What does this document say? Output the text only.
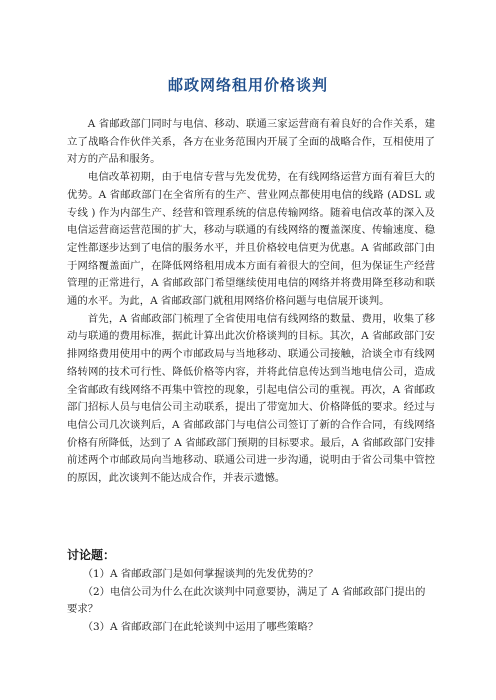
邮政网络租用价格谈判

A 省邮政部门同时与电信、移动、联通三家运营商有着良好的合作关系，建立了战略合作伙伴关系，各方在业务范围内开展了全面的战略合作，互相使用了对方的产品和服务。

电信改革初期，由于电信专营与先发优势，在有线网络运营方面有着巨大的优势。A 省邮政部门在全省所有的生产、营业网点都使用电信的线路 (ADSL 或专线 ) 作为内部生产、经营和管理系统的信息传输网络。随着电信改革的深入及电信运营商运营范围的扩大，移动与联通的有线网络的覆盖深度、传输速度、稳定性都逐步达到了电信的服务水平，并且价格较电信更为优惠。A 省邮政部门由于网络覆盖面广，在降低网络租用成本方面有着很大的空间，但为保证生产经营管理的正常进行，A 省邮政部门希望继续使用电信的网络并将费用降至移动和联通的水平。为此，A 省邮政部门就租用网络价格问题与电信展开谈判。

首先，A 省邮政部门梳理了全省使用电信有线网络的数量、费用，收集了移动与联通的费用标准，据此计算出此次价格谈判的目标。其次，A 省邮政部门安排网络费用使用中的两个市邮政局与当地移动、联通公司接触，洽谈全市有线网络转网的技术可行性、降低价格等内容，并将此信息传达到当地电信公司，造成全省邮政有线网络不再集中管控的现象，引起电信公司的重视。再次，A 省邮政部门招标人员与电信公司主动联系，提出了带宽加大、价格降低的要求。经过与电信公司几次谈判后，A 省邮政部门与电信公司签订了新的合作合同，有线网络价格有所降低，达到了 A 省邮政部门预期的目标要求。最后，A 省邮政部门安排前述两个市邮政局向当地移动、联通公司进一步沟通，说明由于省公司集中管控的原因，此次谈判不能达成合作，并表示遗憾。

讨论题：

（1）A 省邮政部门是如何掌握谈判的先发优势的？

（2）电信公司为什么在此次谈判中同意要协，满足了 A 省邮政部门提出的要求？

（3）A 省邮政部门在此轮谈判中运用了哪些策略？
